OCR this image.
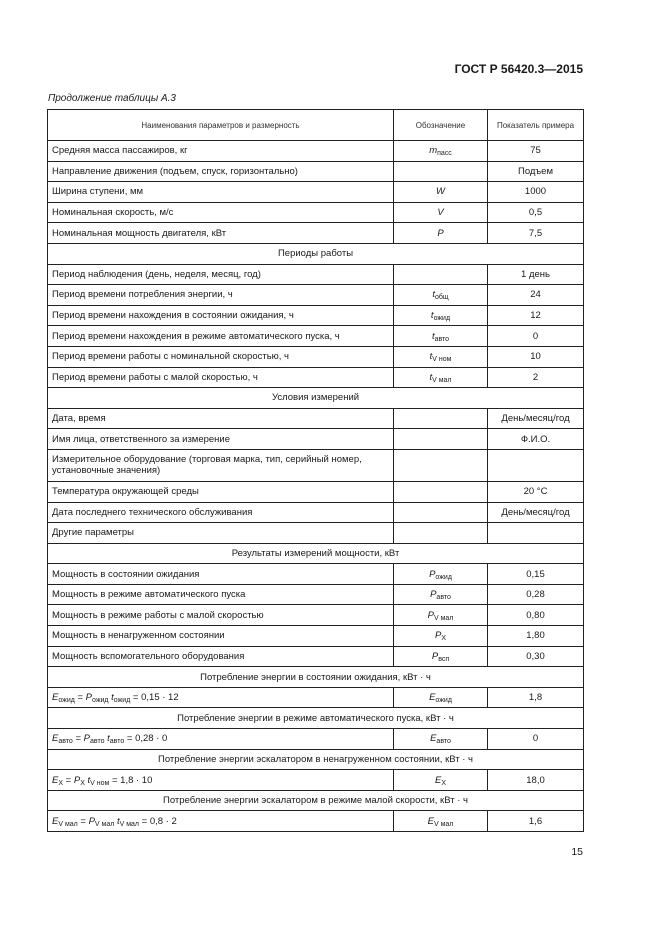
ГОСТ Р 56420.3—2015
Продолжение таблицы А.3
Наименования параметров и размерность	Обозначение	Показатель примера
Средняя масса пассажиров, кг	$m_{пасс}$	75
Направление движения (подъем, спуск, горизонтально)		Подъем
Ширина ступени, мм	W	1000
Номинальная скорость, м/с	V	0,5
Номинальная мощность двигателя, кВт	P	7,5
Периоды работы		
Период наблюдения (день, неделя, месяц, год)		1 день
Период времени потребления энергии, ч	$t_{общ}$	24
Период времени нахождения в состоянии ожидания, ч	$t_{ожид}$	12
Период времени нахождения в режиме автоматического пуска, ч	$t_{авто}$	0
Период времени работы с номинальной скоростью, ч	$t_{V ном}$	10
Период времени работы с малой скоростью, ч	$t_{V мал}$	2
Условия измерений		
Дата, время		День/месяц/год
Имя лица, ответственного за измерение		Ф.И.О.
Измерительное оборудование (торговая марка, тип, серийный номер, установочные значения)		
Температура окружающей среды		20 °С
Дата последнего технического обслуживания		День/месяц/год
Другие параметры		
Результаты измерений мощности, кВт		
Мощность в состоянии ожидания	$P_{ожид}$	0,15
Мощность в режиме автоматического пуска	$P_{авто}$	0,28
Мощность в режиме работы с малой скоростью	$P_{V мал}$	0,80
Мощность в ненагруженном состоянии	$P_X$	1,80
Мощность вспомогательного оборудования	$P_{всп}$	0,30
Потребление энергии в состоянии ожидания, кВт · ч		
$E_{ожид} = P_{ожид}$ $t_{ожид} = 0,15 \cdot 12$	$E_{ожид}$	1,8
Потребление энергии в режиме автоматического пуска, кВт · ч		
$E_{авто} = P_{авто}$ $t_{авто} = 0,28 \cdot 0$	$E_{авто}$	0
Потребление энергии эскалатором в ненагруженном состоянии, кВт · ч		
$E_X = P_X$ $t_{V ном} = 1,8 \cdot 10$	$E_X$	18,0
Потребление энергии эскалатором в режиме малой скорости, кВт · ч		
$E_{V мал} = P_{V мал}$ $t_{V мал} = 0,8 \cdot 2$	$E_{V мал}$	1,6
15
